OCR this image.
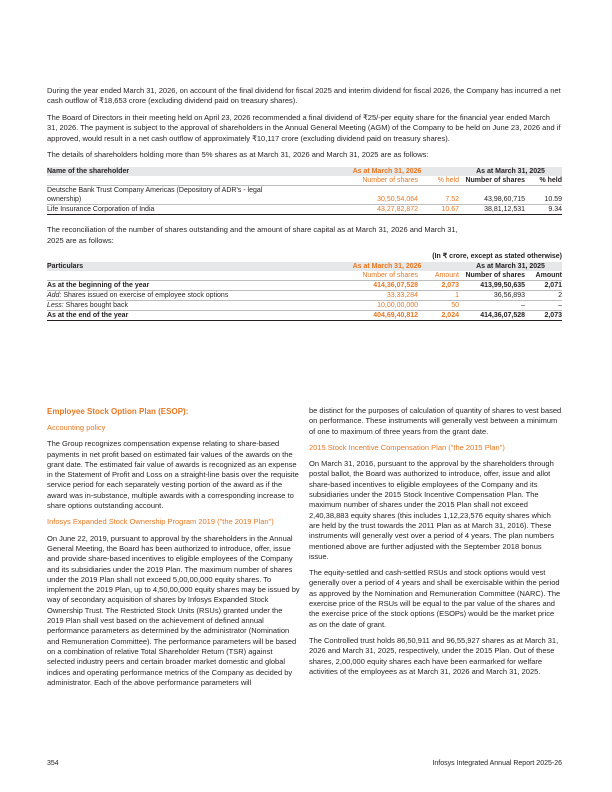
During the year ended March 31, 2026, on account of the final dividend for fiscal 2025 and interim dividend for fiscal 2026, the Company has incurred a net cash outflow of ₹18,653 crore (excluding dividend paid on treasury shares).

The Board of Directors in their meeting held on April 23, 2026 recommended a final dividend of ₹25/-per equity share for the financial year ended March 31, 2026. The payment is subject to the approval of shareholders in the Annual General Meeting (AGM) of the Company to be held on June 23, 2026 and if approved, would result in a net cash outflow of approximately ₹10,117 crore (excluding dividend paid on treasury shares).

The details of shareholders holding more than 5% shares as at March 31, 2026 and March 31, 2025 are as follows:

Name of the shareholder	As at March 31, 2026		As at March 31, 2025	
	Number of shares	% held	Number of shares	% held
Deutsche Bank Trust Company Americas (Depository of ADR's - legal ownership)	30,50,54,064	7.52	43,98,60,715	10.59
Life Insurance Corporation of India	43,27,82,872	10.67	38,81,12,531	9.34

The reconciliation of the number of shares outstanding and the amount of share capital as at March 31, 2026 and March 31, 2025 are as follows:

(In ₹ crore, except as stated otherwise)

Particulars	As at March 31, 2026		As at March 31, 2025	
	Number of shares	Amount	Number of shares	Amount
As at the beginning of the year	414,36,07,528	2,073	413,99,50,635	2,071
Add: Shares issued on exercise of employee stock options	33,33,284	1	36,56,893	2
Less: Shares bought back	10,00,00,000	50	–	–
As at the end of the year	404,69,40,812	2,024	414,36,07,528	2,073

Employee Stock Option Plan (ESOP):

Accounting policy

The Group recognizes compensation expense relating to share-based payments in net profit based on estimated fair values of the awards on the grant date. The estimated fair value of awards is recognized as an expense in the Statement of Profit and Loss on a straight-line basis over the requisite service period for each separately vesting portion of the award as if the award was in-substance, multiple awards with a corresponding increase to share options outstanding account.

Infosys Expanded Stock Ownership Program 2019 ("the 2019 Plan")

On June 22, 2019, pursuant to approval by the shareholders in the Annual General Meeting, the Board has been authorized to introduce, offer, issue and provide share-based incentives to eligible employees of the Company and its subsidiaries under the 2019 Plan. The maximum number of shares under the 2019 Plan shall not exceed 5,00,00,000 equity shares. To implement the 2019 Plan, up to 4,50,00,000 equity shares may be issued by way of secondary acquisition of shares by Infosys Expanded Stock Ownership Trust. The Restricted Stock Units (RSUs) granted under the 2019 Plan shall vest based on the achievement of defined annual performance parameters as determined by the administrator (Nomination and Remuneration Committee). The performance parameters will be based on a combination of relative Total Shareholder Return (TSR) against selected industry peers and certain broader market domestic and global indices and operating performance metrics of the Company as decided by administrator. Each of the above performance parameters will

be distinct for the purposes of calculation of quantity of shares to vest based on performance. These instruments will generally vest between a minimum of one to maximum of three years from the grant date.

2015 Stock Incentive Compensation Plan ("the 2015 Plan")

On March 31, 2016, pursuant to the approval by the shareholders through postal ballot, the Board was authorized to introduce, offer, issue and allot share-based incentives to eligible employees of the Company and its subsidiaries under the 2015 Stock Incentive Compensation Plan. The maximum number of shares under the 2015 Plan shall not exceed 2,40,38,883 equity shares (this includes 1,12,23,576 equity shares which are held by the trust towards the 2011 Plan as at March 31, 2016). These instruments will generally vest over a period of 4 years. The plan numbers mentioned above are further adjusted with the September 2018 bonus issue.

The equity-settled and cash-settled RSUs and stock options would vest generally over a period of 4 years and shall be exercisable within the period as approved by the Nomination and Remuneration Committee (NARC). The exercise price of the RSUs will be equal to the par value of the shares and the exercise price of the stock options (ESOPs) would be the market price as on the date of grant.

The Controlled trust holds 86,50,911 and 96,55,927 shares as at March 31, 2026 and March 31, 2025, respectively, under the 2015 Plan. Out of these shares, 2,00,000 equity shares each have been earmarked for welfare activities of the employees as at March 31, 2026 and March 31, 2025.

354	Infosys Integrated Annual Report 2025-26
